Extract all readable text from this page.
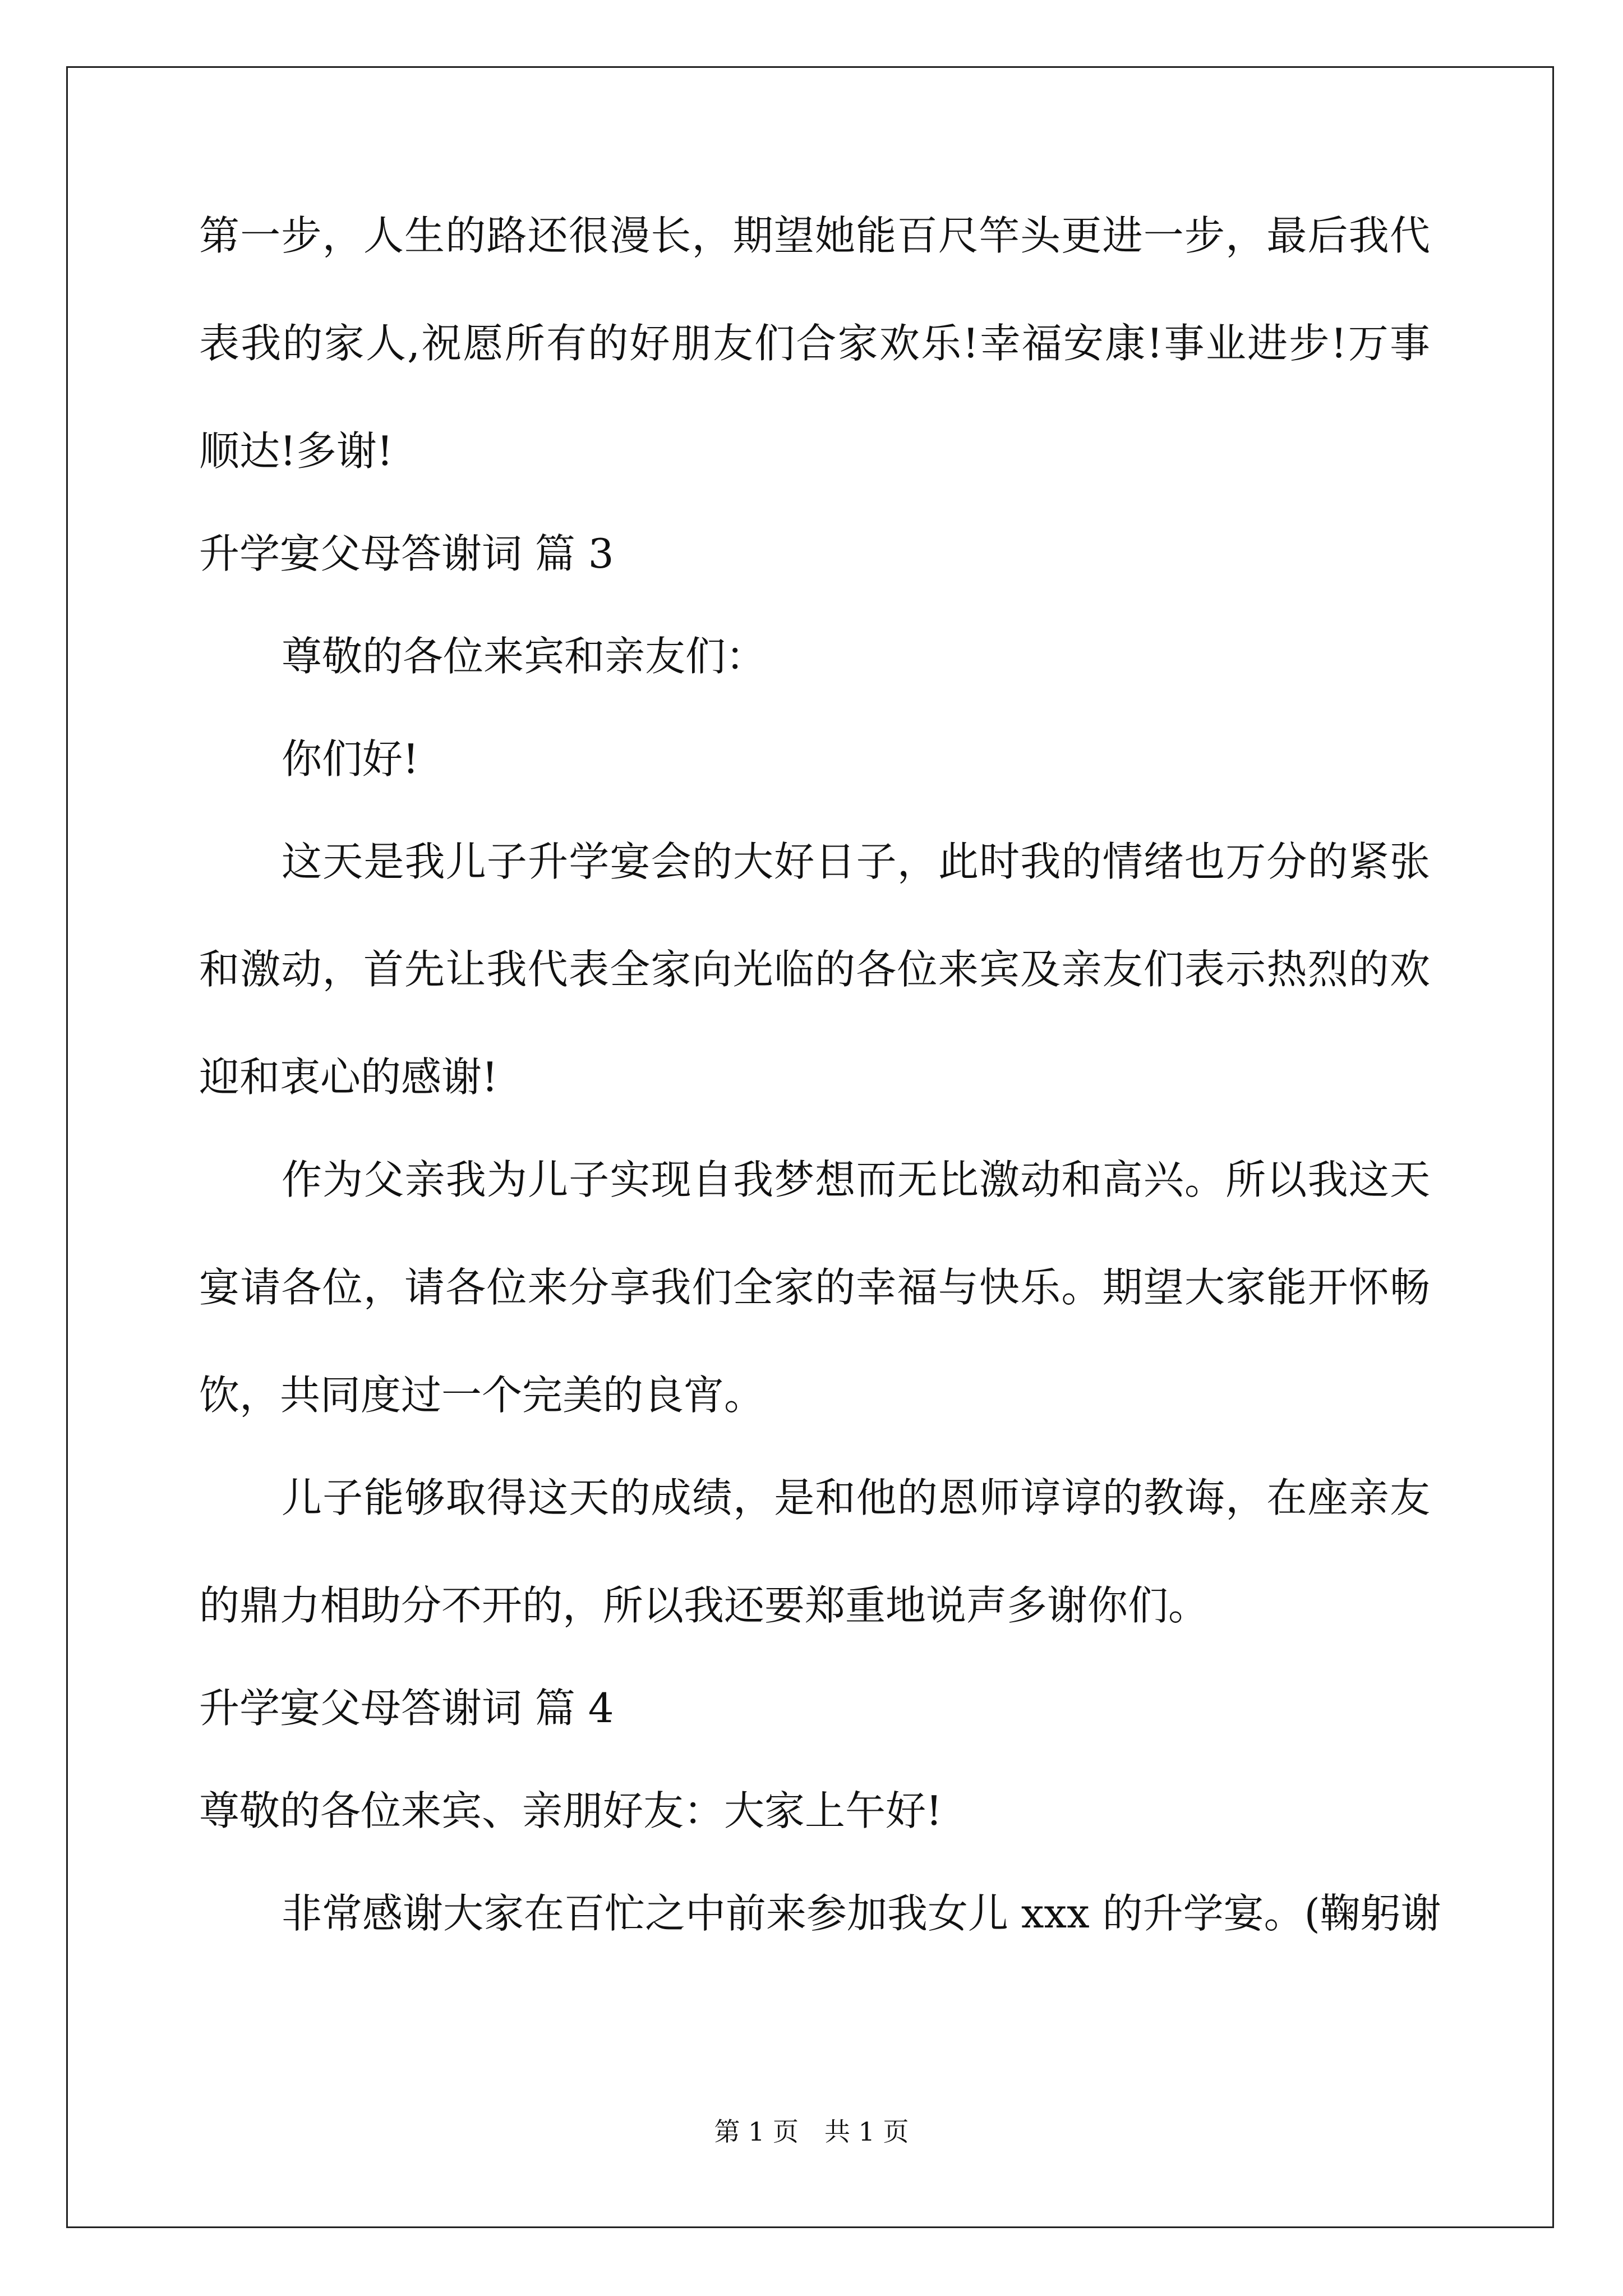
第一步，人生的路还很漫长，期望她能百尺竿头更进一步，最后我代
表我的家人,祝愿所有的好朋友们合家欢乐!幸福安康!事业进步!万事
顺达!多谢!
升学宴父母答谢词 篇 3
尊敬的各位来宾和亲友们：
你们好!
这天是我儿子升学宴会的大好日子，此时我的情绪也万分的紧张
和激动，首先让我代表全家向光临的各位来宾及亲友们表示热烈的欢
迎和衷心的感谢!
作为父亲我为儿子实现自我梦想而无比激动和高兴。所以我这天
宴请各位，请各位来分享我们全家的幸福与快乐。期望大家能开怀畅
饮，共同度过一个完美的良宵。
儿子能够取得这天的成绩，是和他的恩师谆谆的教诲，在座亲友
的鼎力相助分不开的，所以我还要郑重地说声多谢你们。
升学宴父母答谢词 篇 4
尊敬的各位来宾、亲朋好友：大家上午好!
非常感谢大家在百忙之中前来参加我女儿 xxx 的升学宴。(鞠躬谢
第 1 页　共 1 页
